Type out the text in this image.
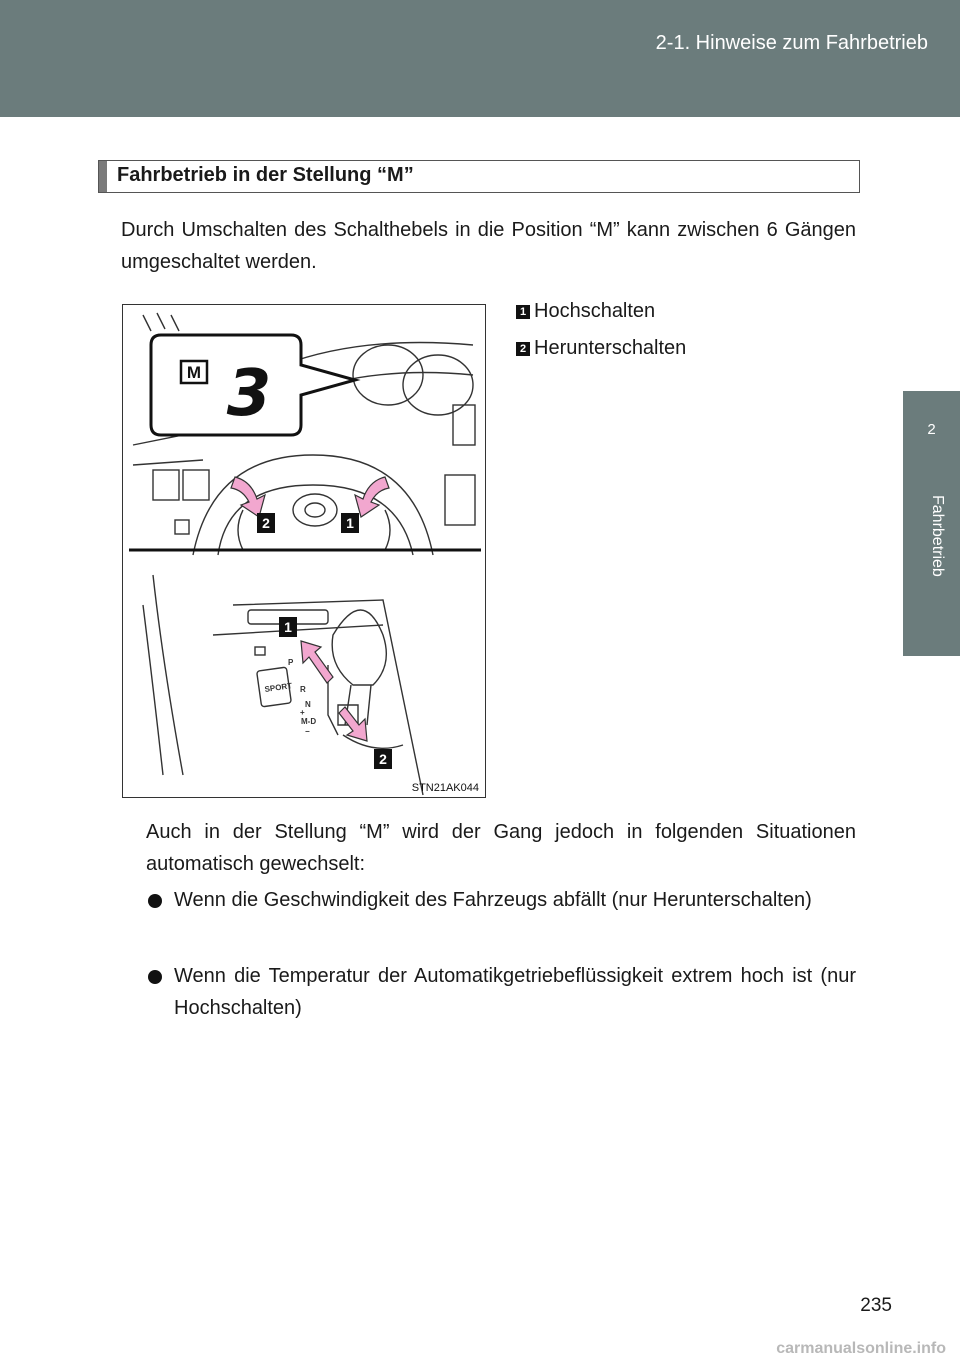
2-1. Hinweise zum Fahrbetrieb
2
Fahrbetrieb
Fahrbetrieb in der Stellung “M”
Durch Umschalten des Schalthebels in die Position “M” kann zwischen 6 Gängen umgeschaltet werden.
M 3
2	1
SPORT
P
R
N
+
M-D
−
1
2
STN21AK044
1 Hochschalten
2 Herunterschalten
Auch in der Stellung “M” wird der Gang jedoch in folgenden Situationen automatisch gewechselt:
Wenn die Geschwindigkeit des Fahrzeugs abfällt (nur Herunterschalten)
Wenn die Temperatur der Automatikgetriebeflüssigkeit extrem hoch ist (nur Hochschalten)
235
carmanualsonline.info
